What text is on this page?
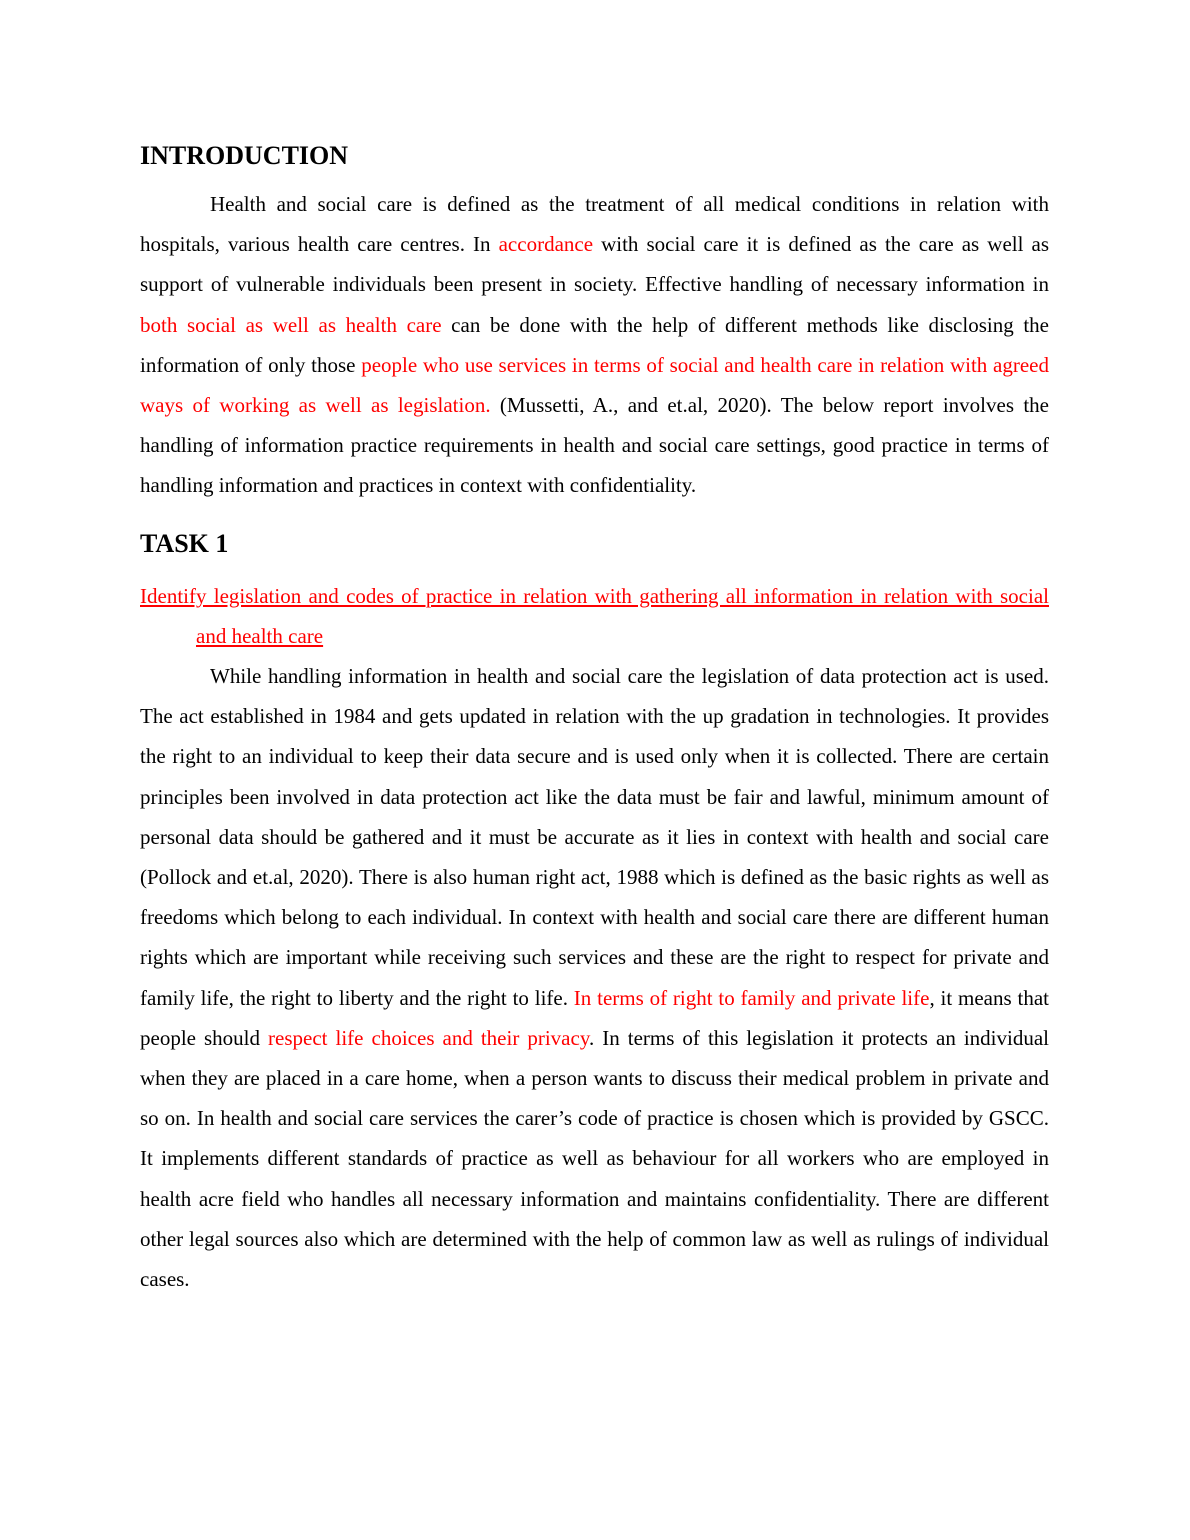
INTRODUCTION

Health and social care is defined as the treatment of all medical conditions in relation with hospitals, various health care centres. In accordance with social care it is defined as the care as well as support of vulnerable individuals been present in society. Effective handling of necessary information in both social as well as health care can be done with the help of different methods like disclosing the information of only those people who use services in terms of social and health care in relation with agreed ways of working as well as legislation. (Mussetti, A., and et.al, 2020). The below report involves the handling of information practice requirements in health and social care settings, good practice in terms of handling information and practices in context with confidentiality.

TASK 1

Identify legislation and codes of practice in relation with gathering all information in relation with social and health care

While handling information in health and social care the legislation of data protection act is used. The act established in 1984 and gets updated in relation with the up gradation in technologies. It provides the right to an individual to keep their data secure and is used only when it is collected. There are certain principles been involved in data protection act like the data must be fair and lawful, minimum amount of personal data should be gathered and it must be accurate as it lies in context with health and social care (Pollock and et.al, 2020). There is also human right act, 1988 which is defined as the basic rights as well as freedoms which belong to each individual. In context with health and social care there are different human rights which are important while receiving such services and these are the right to respect for private and family life, the right to liberty and the right to life. In terms of right to family and private life, it means that people should respect life choices and their privacy. In terms of this legislation it protects an individual when they are placed in a care home, when a person wants to discuss their medical problem in private and so on. In health and social care services the carer’s code of practice is chosen which is provided by GSCC. It implements different standards of practice as well as behaviour for all workers who are employed in health acre field who handles all necessary information and maintains confidentiality. There are different other legal sources also which are determined with the help of common law as well as rulings of individual cases.
